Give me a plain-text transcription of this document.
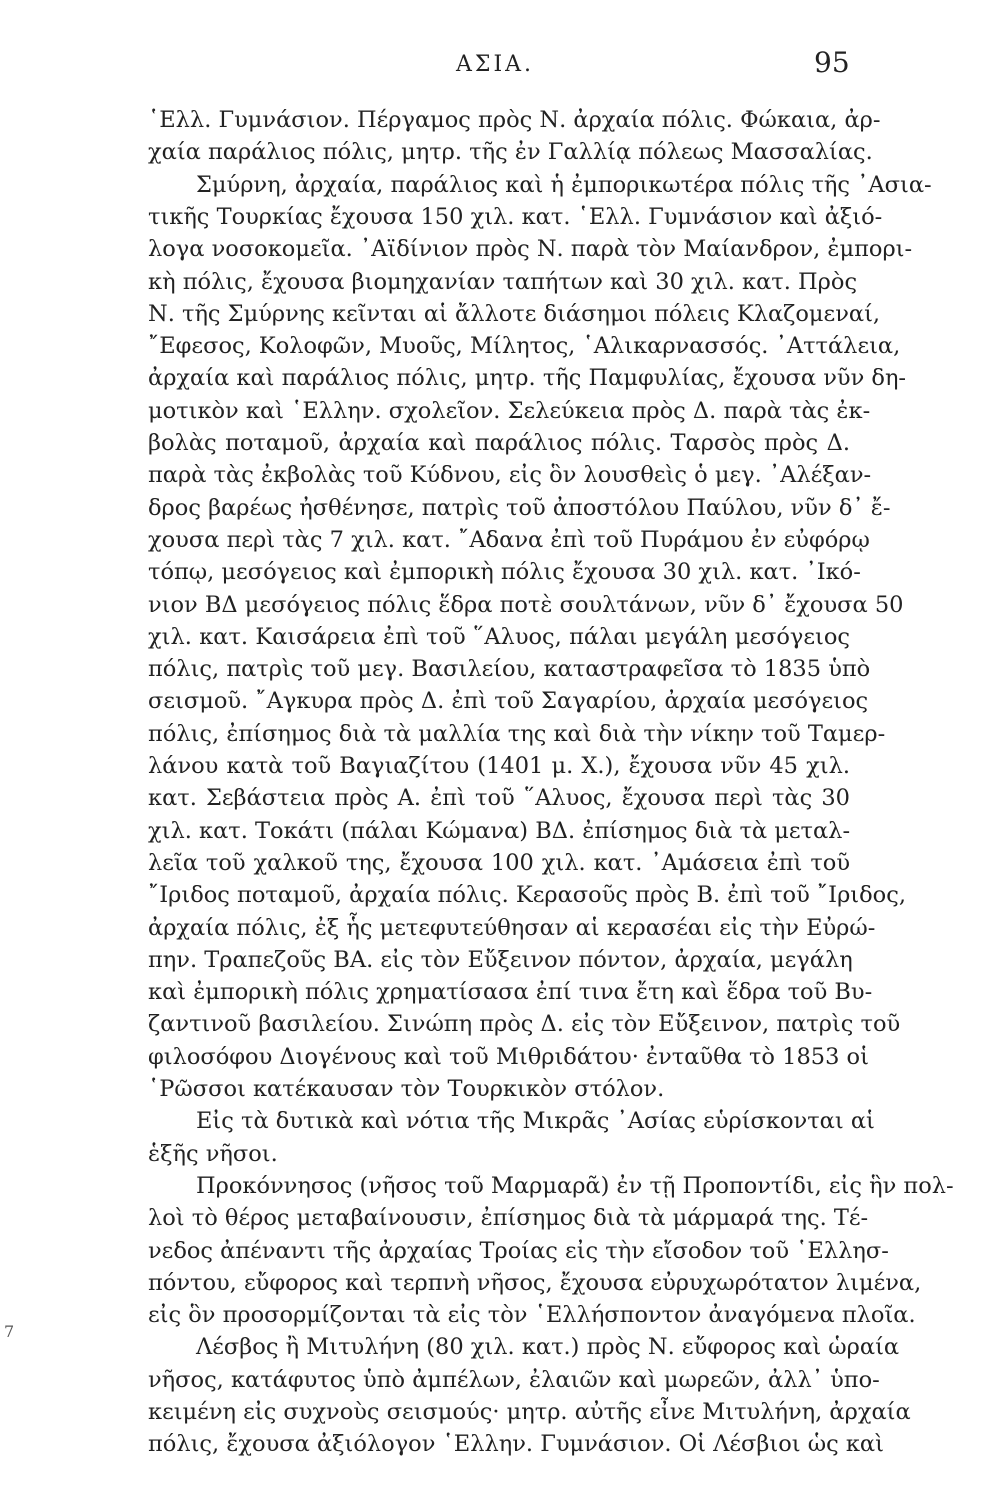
ΑΣΙΑ.	95
7
῾Ελλ. Γυμνάσιον. Πέργαμος πρὸς Ν. ἀρχαία πόλις. Φώκαια, ἀρ-
χαία παράλιος πόλις, μητρ. τῆς ἐν Γαλλίᾳ πόλεως Μασσαλίας.
Σμύρνη, ἀρχαία, παράλιος καὶ ἡ ἐμπορικωτέρα πόλις τῆς ᾿Ασια-
τικῆς Τουρκίας ἔχουσα 150 χιλ. κατ. ῾Ελλ. Γυμνάσιον καὶ ἀξιό-
λογα νοσοκομεῖα. ᾿Αϊδίνιον πρὸς Ν. παρὰ τὸν Μαίανδρον, ἐμπορι-
κὴ πόλις, ἔχουσα βιομηχανίαν ταπήτων καὶ 30 χιλ. κατ. Πρὸς
Ν. τῆς Σμύρνης κεῖνται αἱ ἄλλοτε διάσημοι πόλεις Κλαζομεναί,
῎Εφεσος, Κολοφῶν, Μυοῦς, Μίλητος, ῾Αλικαρνασσός. ᾿Αττάλεια,
ἀρχαία καὶ παράλιος πόλις, μητρ. τῆς Παμφυλίας, ἔχουσα νῦν δη-
μοτικὸν καὶ ῾Ελλην. σχολεῖον. Σελεύκεια πρὸς Δ. παρὰ τὰς ἐκ-
βολὰς ποταμοῦ, ἀρχαία καὶ παράλιος πόλις. Ταρσὸς πρὸς Δ.
παρὰ τὰς ἐκβολὰς τοῦ Κύδνου, εἰς ὃν λουσθεὶς ὁ μεγ. ᾿Αλέξαν-
δρος βαρέως ἠσθένησε, πατρὶς τοῦ ἀποστόλου Παύλου, νῦν δ᾿ ἔ-
χουσα περὶ τὰς 7 χιλ. κατ. ῎Αδανα ἐπὶ τοῦ Πυράμου ἐν εὐφόρῳ
τόπῳ, μεσόγειος καὶ ἐμπορικὴ πόλις ἔχουσα 30 χιλ. κατ. ᾿Ικό-
νιον ΒΔ μεσόγειος πόλις ἕδρα ποτὲ σουλτάνων, νῦν δ᾿ ἔχουσα 50
χιλ. κατ. Καισάρεια ἐπὶ τοῦ ῞Αλυος, πάλαι μεγάλη μεσόγειος
πόλις, πατρὶς τοῦ μεγ. Βασιλείου, καταστραφεῖσα τὸ 1835 ὑπὸ
σεισμοῦ. ῎Αγκυρα πρὸς Δ. ἐπὶ τοῦ Σαγαρίου, ἀρχαία μεσόγειος
πόλις, ἐπίσημος διὰ τὰ μαλλία της καὶ διὰ τὴν νίκην τοῦ Ταμερ-
λάνου κατὰ τοῦ Βαγιαζίτου (1401 μ. Χ.), ἔχουσα νῦν 45 χιλ.
κατ. Σεβάστεια πρὸς Α. ἐπὶ τοῦ ῞Αλυος, ἔχουσα περὶ τὰς 30
χιλ. κατ. Τοκάτι (πάλαι Κώμανα) ΒΔ. ἐπίσημος διὰ τὰ μεταλ-
λεῖα τοῦ χαλκοῦ της, ἔχουσα 100 χιλ. κατ. ᾿Αμάσεια ἐπὶ τοῦ
῎Ιριδος ποταμοῦ, ἀρχαία πόλις. Κερασοῦς πρὸς Β. ἐπὶ τοῦ ῎Ιριδος,
ἀρχαία πόλις, ἐξ ἧς μετεφυτεύθησαν αἱ κερασέαι εἰς τὴν Εὐρώ-
πην. Τραπεζοῦς ΒΑ. εἰς τὸν Εὔξεινον πόντον, ἀρχαία, μεγάλη
καὶ ἐμπορικὴ πόλις χρηματίσασα ἐπί τινα ἔτη καὶ ἕδρα τοῦ Βυ-
ζαντινοῦ βασιλείου. Σινώπη πρὸς Δ. εἰς τὸν Εὔξεινον, πατρὶς τοῦ
φιλοσόφου Διογένους καὶ τοῦ Μιθριδάτου· ἐνταῦθα τὸ 1853 οἱ
῾Ρῶσσοι κατέκαυσαν τὸν Τουρκικὸν στόλον.
Εἰς τὰ δυτικὰ καὶ νότια τῆς Μικρᾶς ᾿Ασίας εὑρίσκονται αἱ
ἑξῆς νῆσοι.
Προκόννησος (νῆσος τοῦ Μαρμαρᾶ) ἐν τῇ Προποντίδι, εἰς ἣν πολ-
λοὶ τὸ θέρος μεταβαίνουσιν, ἐπίσημος διὰ τὰ μάρμαρά της. Τέ-
νεδος ἀπέναντι τῆς ἀρχαίας Τροίας εἰς τὴν εἴσοδον τοῦ ῾Ελλησ-
πόντου, εὔφορος καὶ τερπνὴ νῆσος, ἔχουσα εὐρυχωρότατον λιμένα,
εἰς ὃν προσορμίζονται τὰ εἰς τὸν ῾Ελλήσποντον ἀναγόμενα πλοῖα.
Λέσβος ἢ Μιτυλήνη (80 χιλ. κατ.) πρὸς Ν. εὔφορος καὶ ὡραία
νῆσος, κατάφυτος ὑπὸ ἀμπέλων, ἐλαιῶν καὶ μωρεῶν, ἀλλ᾿ ὑπο-
κειμένη εἰς συχνοὺς σεισμούς· μητρ. αὐτῆς εἶνε Μιτυλήνη, ἀρχαία
πόλις, ἔχουσα ἀξιόλογον ῾Ελλην. Γυμνάσιον. Οἱ Λέσβιοι ὡς καὶ
